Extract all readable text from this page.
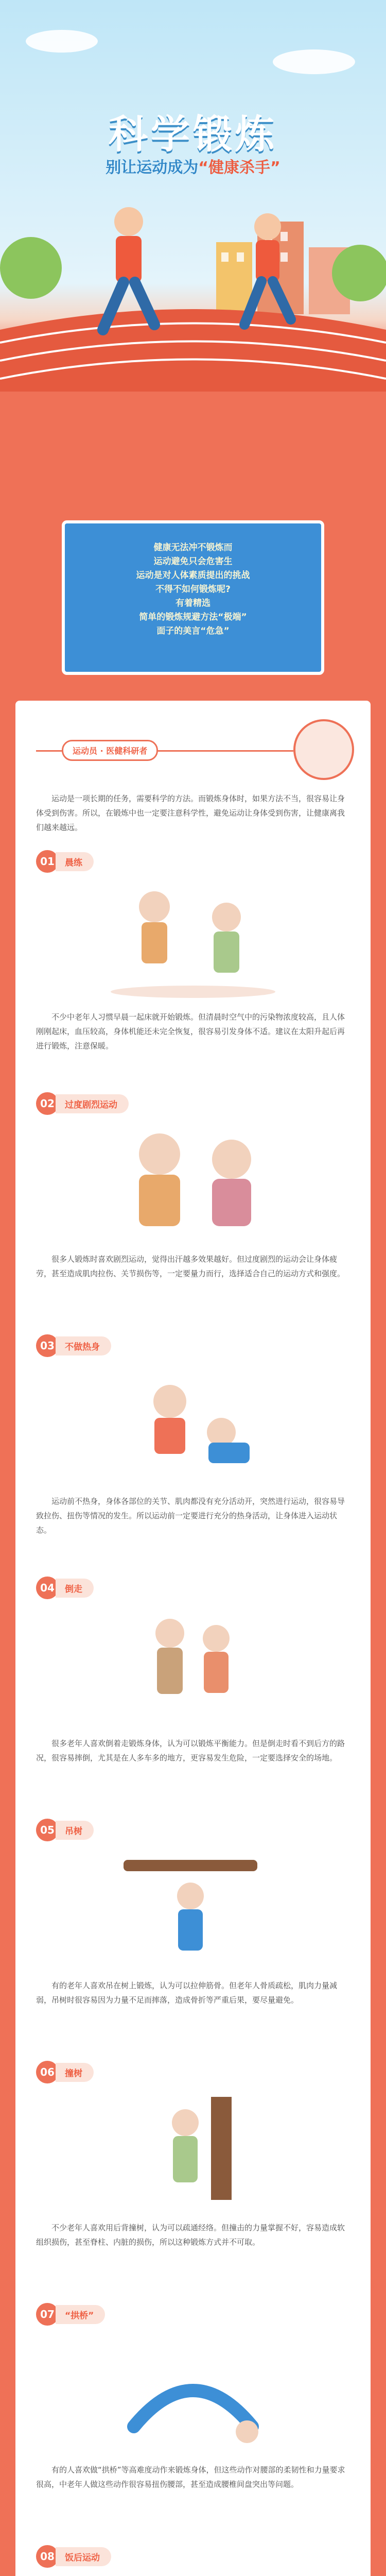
科学锻炼
别让运动成为“健康杀手”
健康无法冲不锻炼而
运动避免只会危害生
运动是对人体素质提出的挑战
不得不如何锻炼呢?
有着精选
简单的锻炼规避方法“极端”
面子的美言“危急”
运动员 · 医健科研者
运动是一项长期的任务，需要科学的方法。而锻炼身体时，如果方法不当，很容易让身体受到伤害。所以，在锻炼中也一定要注意科学性，避免运动让身体受到伤害，让健康离我们越来越远。
01	晨练
不少中老年人习惯早晨一起床就开始锻炼。但清晨时空气中的污染物浓度较高，且人体刚刚起床，血压较高，身体机能还未完全恢复，很容易引发身体不适。建议在太阳升起后再进行锻炼，注意保暖。
02	过度剧烈运动
很多人锻炼时喜欢剧烈运动，觉得出汗越多效果越好。但过度剧烈的运动会让身体疲劳，甚至造成肌肉拉伤、关节损伤等，一定要量力而行，选择适合自己的运动方式和强度。
03	不做热身
运动前不热身，身体各部位的关节、肌肉都没有充分活动开，突然进行运动，很容易导致拉伤、扭伤等情况的发生。所以运动前一定要进行充分的热身活动，让身体进入运动状态。
04	倒走
很多老年人喜欢倒着走锻炼身体，认为可以锻炼平衡能力。但是倒走时看不到后方的路况，很容易摔倒，尤其是在人多车多的地方，更容易发生危险，一定要选择安全的场地。
05	吊树
有的老年人喜欢吊在树上锻炼，认为可以拉伸筋骨。但老年人骨质疏松，肌肉力量减弱，吊树时很容易因为力量不足而摔落，造成骨折等严重后果，要尽量避免。
06	撞树
不少老年人喜欢用后背撞树，认为可以疏通经络。但撞击的力量掌握不好，容易造成软组织损伤，甚至脊柱、内脏的损伤，所以这种锻炼方式并不可取。
07	“拱桥”
有的人喜欢做“拱桥”等高难度动作来锻炼身体，但这些动作对腰部的柔韧性和力量要求很高，中老年人做这些动作很容易扭伤腰部，甚至造成腰椎间盘突出等问题。
08	饭后运动
